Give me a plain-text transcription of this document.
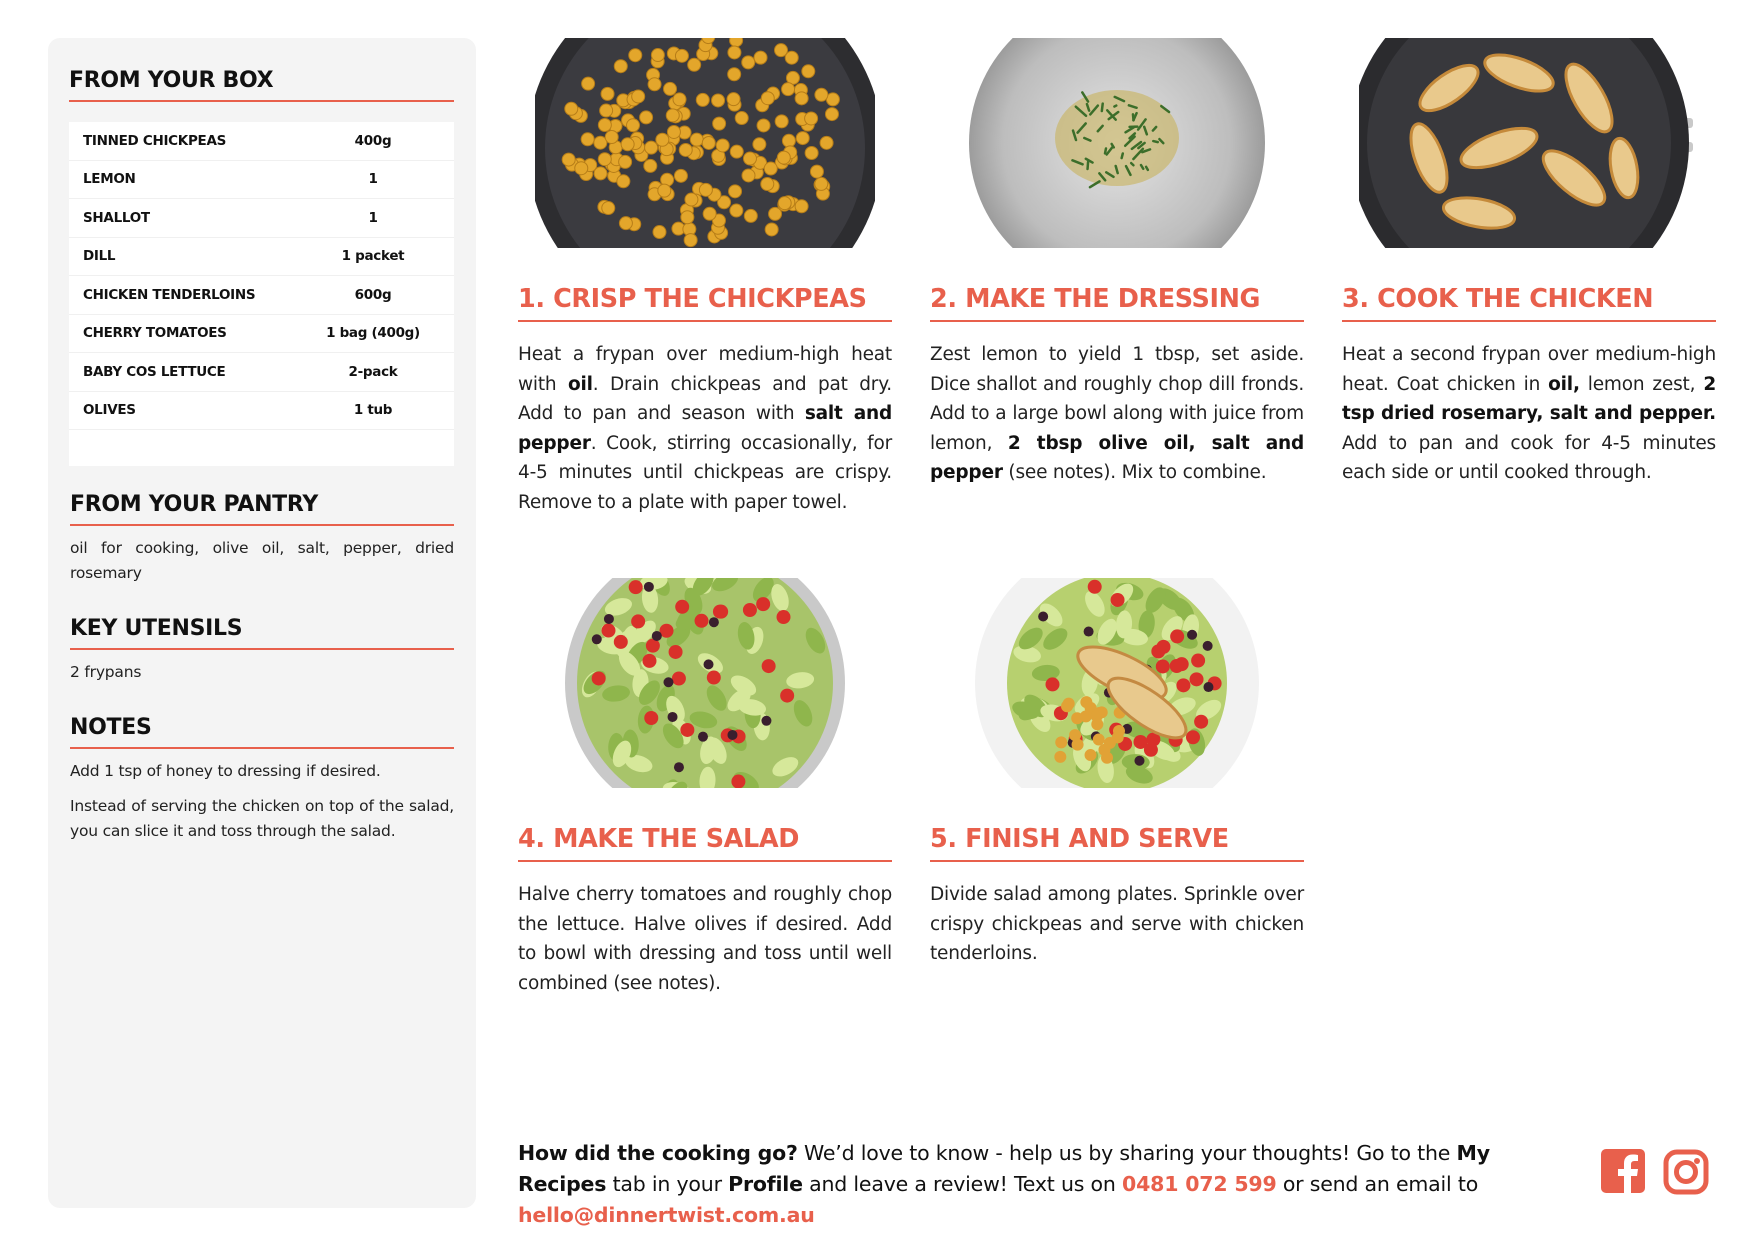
FROM YOUR BOX
TINNED CHICKPEAS	400g
LEMON	1
SHALLOT	1
DILL	1 packet
CHICKEN TENDERLOINS	600g
CHERRY TOMATOES	1 bag (400g)
BABY COS LETTUCE	2-pack
OLIVES	1 tub
FROM YOUR PANTRY

oil for cooking, olive oil, salt, pepper, dried rosemary

KEY UTENSILS

2 frypans

NOTES

Add 1 tsp of honey to dressing if desired.

Instead of serving the chicken on top of the salad, you can slice it and toss through the salad.

1. CRISP THE CHICKPEAS
Heat a frypan over medium-high heat with oil. Drain chickpeas and pat dry. Add to pan and season with salt and pepper. Cook, stirring occasionally, for 4-5 minutes until chickpeas are crispy. Remove to a plate with paper towel.
2. MAKE THE DRESSING
Zest lemon to yield 1 tbsp, set aside. Dice shallot and roughly chop dill fronds. Add to a large bowl along with juice from lemon, 2 tbsp olive oil, salt and pepper (see notes). Mix to combine.
3. COOK THE CHICKEN
Heat a second frypan over medium-high heat. Coat chicken in oil, lemon zest, 2 tsp dried rosemary, salt and pepper. Add to pan and cook for 4-5 minutes each side or until cooked through.
4. MAKE THE SALAD
Halve cherry tomatoes and roughly chop the lettuce. Halve olives if desired. Add to bowl with dressing and toss until well combined (see notes).
5. FINISH AND SERVE
Divide salad among plates. Sprinkle over crispy chickpeas and serve with chicken tenderloins.
How did the cooking go? We’d love to know - help us by sharing your thoughts! Go to the My Recipes tab in your Profile and leave a review! Text us on 0481 072 599 or send an email to hello@dinnertwist.com.au
